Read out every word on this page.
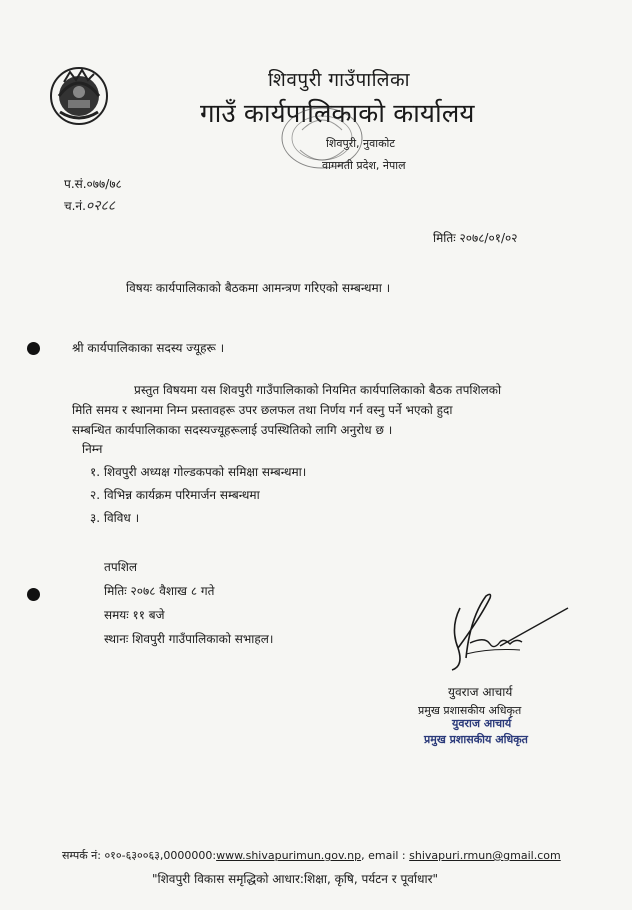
शिवपुरी गाउँपालिका
गाउँ कार्यपालिकाको कार्यालय
शिवपुरी, नुवाकोट
वागमती प्रदेश, नेपाल
प.सं.०७७/७८
च.नं.०२८८
मितिः २०७८/०१/०२
विषयः कार्यपालिकाको बैठकमा आमन्त्रण गरिएको सम्बन्धमा ।
श्री कार्यपालिकाका सदस्य ज्यूहरू ।

प्रस्तुत विषयमा यस शिवपुरी गाउँपालिकाको नियमित कार्यपालिकाको बैठक तपशिलको

मिति समय र स्थानमा निम्न प्रस्तावहरू उपर छलफल तथा निर्णय गर्न वस्नु पर्ने भएको हुदा

सम्बन्धित कार्यपालिकाका सदस्यज्यूहरूलाई उपस्थितिको लागि अनुरोध छ ।

निम्न
१. शिवपुरी अध्यक्ष गोल्डकपको समिक्षा सम्बन्धमा।
२. विभिन्न कार्यक्रम परिमार्जन सम्बन्धमा
३. विविध ।
तपशिल
मितिः २०७८ वैशाख ८ गते
समयः ११ बजे
स्थानः शिवपुरी गाउँपालिकाको सभाहल।
युवराज आचार्य
प्रमुख प्रशासकीय अधिकृत
युवराज आचार्य
प्रमुख प्रशासकीय अधिकृत
सम्पर्क नं: ०१०-६३००६३,0000000:www.shivapurimun.gov.np, email : shivapuri.rmun@gmail.com
"शिवपुरी विकास समृद्धिको आधार:शिक्षा, कृषि, पर्यटन र पूर्वाधार"
